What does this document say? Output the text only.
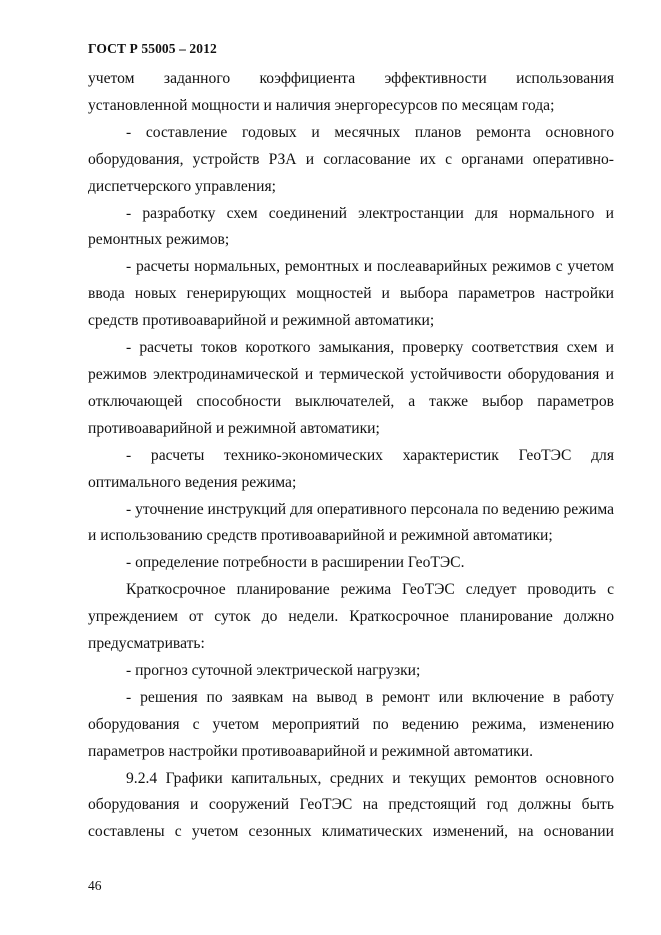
ГОСТ Р 55005 – 2012

учетом заданного коэффициента эффективности использования установленной мощности и наличия энергоресурсов по месяцам года;

- составление годовых и месячных планов ремонта основного оборудования, устройств РЗА и согласование их с органами оперативно-диспетчерского управления;

- разработку схем соединений электростанции для нормального и ремонтных режимов;

- расчеты нормальных, ремонтных и послеаварийных режимов с учетом ввода новых генерирующих мощностей и выбора параметров настройки средств противоаварийной и режимной автоматики;

- расчеты токов короткого замыкания, проверку соответствия схем и режимов электродинамической и термической устойчивости оборудования и отключающей способности выключателей, а также выбор параметров противоаварийной и режимной автоматики;

- расчеты технико-экономических характеристик ГеоТЭС для оптимального ведения режима;

- уточнение инструкций для оперативного персонала по ведению режима и использованию средств противоаварийной и режимной автоматики;

- определение потребности в расширении ГеоТЭС.

Краткосрочное планирование режима ГеоТЭС следует проводить с упреждением от суток до недели. Краткосрочное планирование должно предусматривать:

- прогноз суточной электрической нагрузки;

- решения по заявкам на вывод в ремонт или включение в работу оборудования с учетом мероприятий по ведению режима, изменению параметров настройки противоаварийной и режимной автоматики.

9.2.4 Графики капитальных, средних и текущих ремонтов основного оборудования и сооружений ГеоТЭС на предстоящий год должны быть составлены с учетом сезонных климатических изменений, на основании

46
